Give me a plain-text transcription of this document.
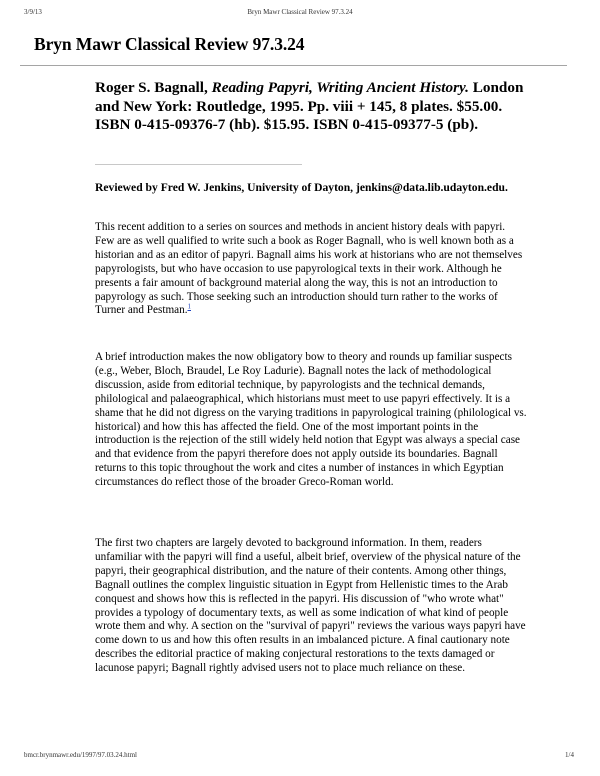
3/9/13	Bryn Mawr Classical Review 97.3.24
Bryn Mawr Classical Review 97.3.24
Roger S. Bagnall, Reading Papyri, Writing Ancient History. London and New York: Routledge, 1995. Pp. viii + 145, 8 plates. $55.00. ISBN 0-415-09376-7 (hb). $15.95. ISBN 0-415-09377-5 (pb).
Reviewed by Fred W. Jenkins, University of Dayton, jenkins@data.lib.udayton.edu.
This recent addition to a series on sources and methods in ancient history deals with papyri. Few are as well qualified to write such a book as Roger Bagnall, who is well known both as a historian and as an editor of papyri. Bagnall aims his work at historians who are not themselves papyrologists, but who have occasion to use papyrological texts in their work. Although he presents a fair amount of background material along the way, this is not an introduction to papyrology as such. Those seeking such an introduction should turn rather to the works of Turner and Pestman.$^1$
A brief introduction makes the now obligatory bow to theory and rounds up familiar suspects (e.g., Weber, Bloch, Braudel, Le Roy Ladurie). Bagnall notes the lack of methodological discussion, aside from editorial technique, by papyrologists and the technical demands, philological and palaeographical, which historians must meet to use papyri effectively. It is a shame that he did not digress on the varying traditions in papyrological training (philological vs. historical) and how this has affected the field. One of the most important points in the introduction is the rejection of the still widely held notion that Egypt was always a special case and that evidence from the papyri therefore does not apply outside its boundaries. Bagnall returns to this topic throughout the work and cites a number of instances in which Egyptian circumstances do reflect those of the broader Greco-Roman world.
The first two chapters are largely devoted to background information. In them, readers unfamiliar with the papyri will find a useful, albeit brief, overview of the physical nature of the papyri, their geographical distribution, and the nature of their contents. Among other things, Bagnall outlines the complex linguistic situation in Egypt from Hellenistic times to the Arab conquest and shows how this is reflected in the papyri. His discussion of "who wrote what" provides a typology of documentary texts, as well as some indication of what kind of people wrote them and why. A section on the "survival of papyri" reviews the various ways papyri have come down to us and how this often results in an imbalanced picture. A final cautionary note describes the editorial practice of making conjectural restorations to the texts damaged or lacunose papyri; Bagnall rightly advised users not to place much reliance on these.
bmcr.brynmawr.edu/1997/97.03.24.html	1/4
